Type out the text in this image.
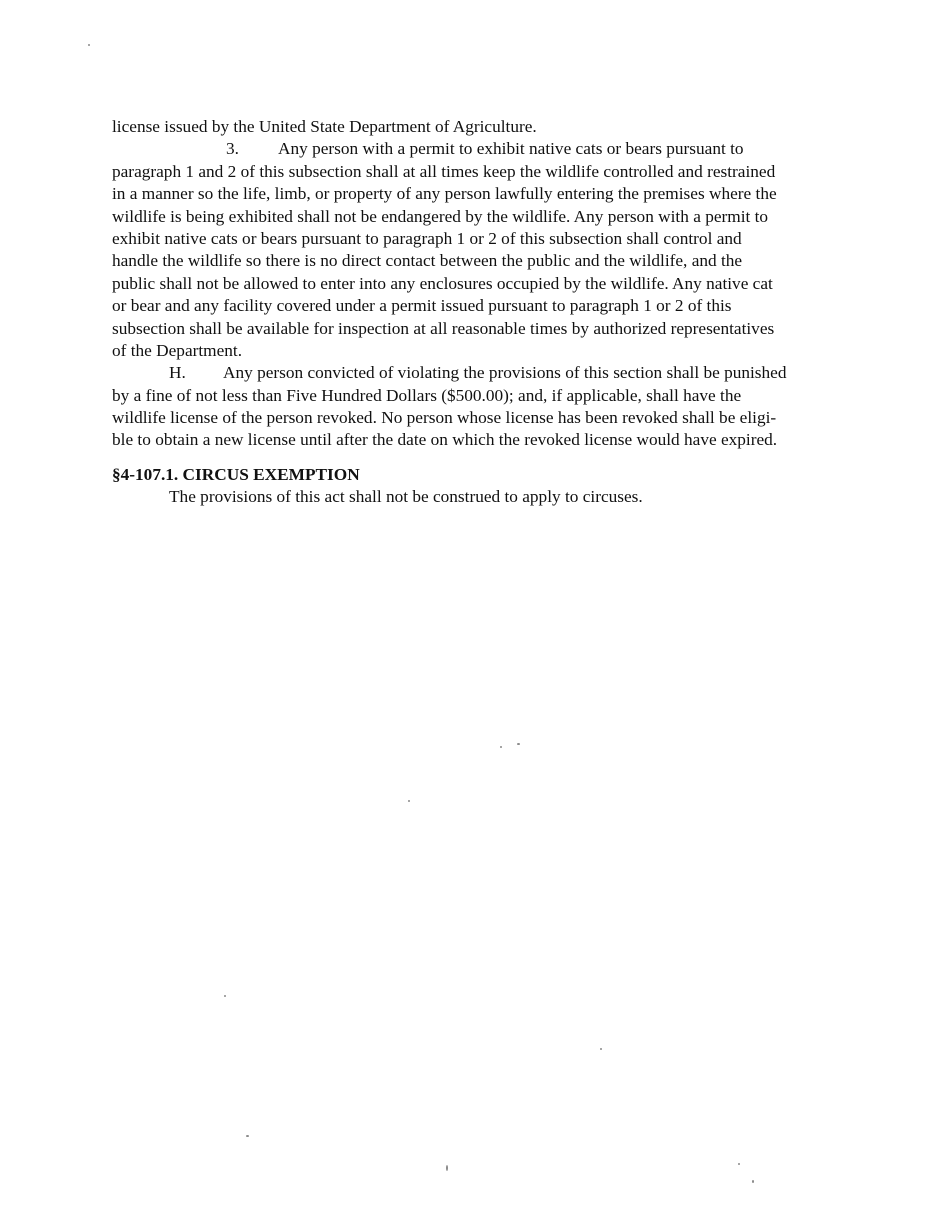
license issued by the United State Department of Agriculture.
3. Any person with a permit to exhibit native cats or bears pursuant to
paragraph 1 and 2 of this subsection shall at all times keep the wildlife controlled and restrained
in a manner so the life, limb, or property of any person lawfully entering the premises where the
wildlife is being exhibited shall not be endangered by the wildlife. Any person with a permit to
exhibit native cats or bears pursuant to paragraph 1 or 2 of this subsection shall control and
handle the wildlife so there is no direct contact between the public and the wildlife, and the
public shall not be allowed to enter into any enclosures occupied by the wildlife. Any native cat
or bear and any facility covered under a permit issued pursuant to paragraph 1 or 2 of this
subsection shall be available for inspection at all reasonable times by authorized representatives
of the Department.
H. Any person convicted of violating the provisions of this section shall be punished
by a fine of not less than Five Hundred Dollars ($500.00); and, if applicable, shall have the
wildlife license of the person revoked. No person whose license has been revoked shall be eligi-
ble to obtain a new license until after the date on which the revoked license would have expired.
§4-107.1. CIRCUS EXEMPTION
The provisions of this act shall not be construed to apply to circuses.
